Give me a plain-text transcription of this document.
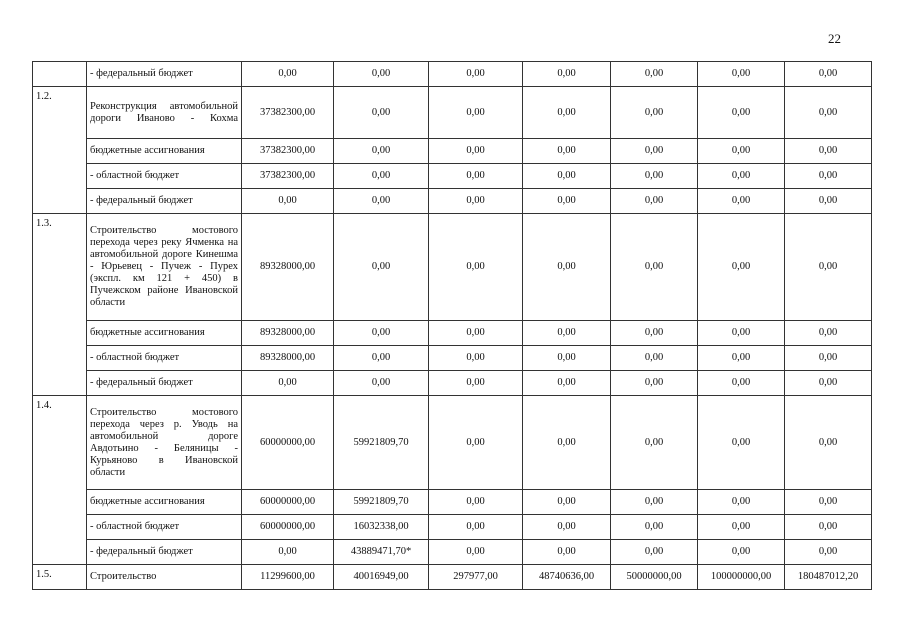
22
	- федеральный бюджет	0,00	0,00	0,00	0,00	0,00	0,00	0,00
1.2.	Реконструкция автомобильной дороги Иваново - Кохма	37382300,00	0,00	0,00	0,00	0,00	0,00	0,00
	бюджетные ассигнования	37382300,00	0,00	0,00	0,00	0,00	0,00	0,00
	- областной бюджет	37382300,00	0,00	0,00	0,00	0,00	0,00	0,00
	- федеральный бюджет	0,00	0,00	0,00	0,00	0,00	0,00	0,00
1.3.	Строительство мостового перехода через реку Ячменка на автомобильной дороге Кинешма - Юрьевец - Пучеж - Пурех (экспл. км 121 + 450) в Пучежском районе Ивановской области	89328000,00	0,00	0,00	0,00	0,00	0,00	0,00
	бюджетные ассигнования	89328000,00	0,00	0,00	0,00	0,00	0,00	0,00
	- областной бюджет	89328000,00	0,00	0,00	0,00	0,00	0,00	0,00
	- федеральный бюджет	0,00	0,00	0,00	0,00	0,00	0,00	0,00
1.4.	Строительство мостового перехода через р. Уводь на автомобильной дороге Авдотьино - Беляницы - Курьяново в Ивановской области	60000000,00	59921809,70	0,00	0,00	0,00	0,00	0,00
	бюджетные ассигнования	60000000,00	59921809,70	0,00	0,00	0,00	0,00	0,00
	- областной бюджет	60000000,00	16032338,00	0,00	0,00	0,00	0,00	0,00
	- федеральный бюджет	0,00	43889471,70*	0,00	0,00	0,00	0,00	0,00
1.5.	Строительство	11299600,00	40016949,00	297977,00	48740636,00	50000000,00	100000000,00	180487012,20
